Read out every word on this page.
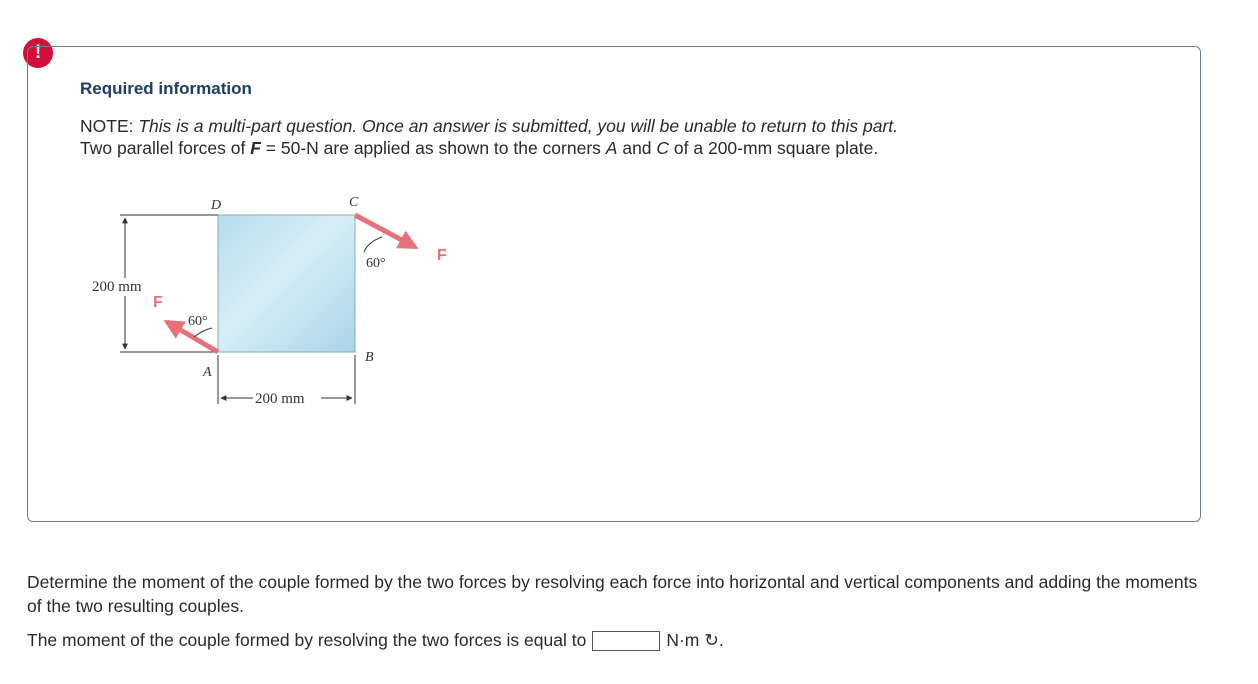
!
Required information
NOTE: This is a multi-part question. Once an answer is submitted, you will be unable to return to this part.
Two parallel forces of F = 50-N are applied as shown to the corners A and C of a 200-mm square plate.
200 mm
200 mm
D	C
B
A
60°	F
60°
F
Determine the moment of the couple formed by the two forces by resolving each force into horizontal and vertical components and adding the moments of the two resulting couples.
The moment of the couple formed by resolving the two forces is equal to	N·m ↻.
